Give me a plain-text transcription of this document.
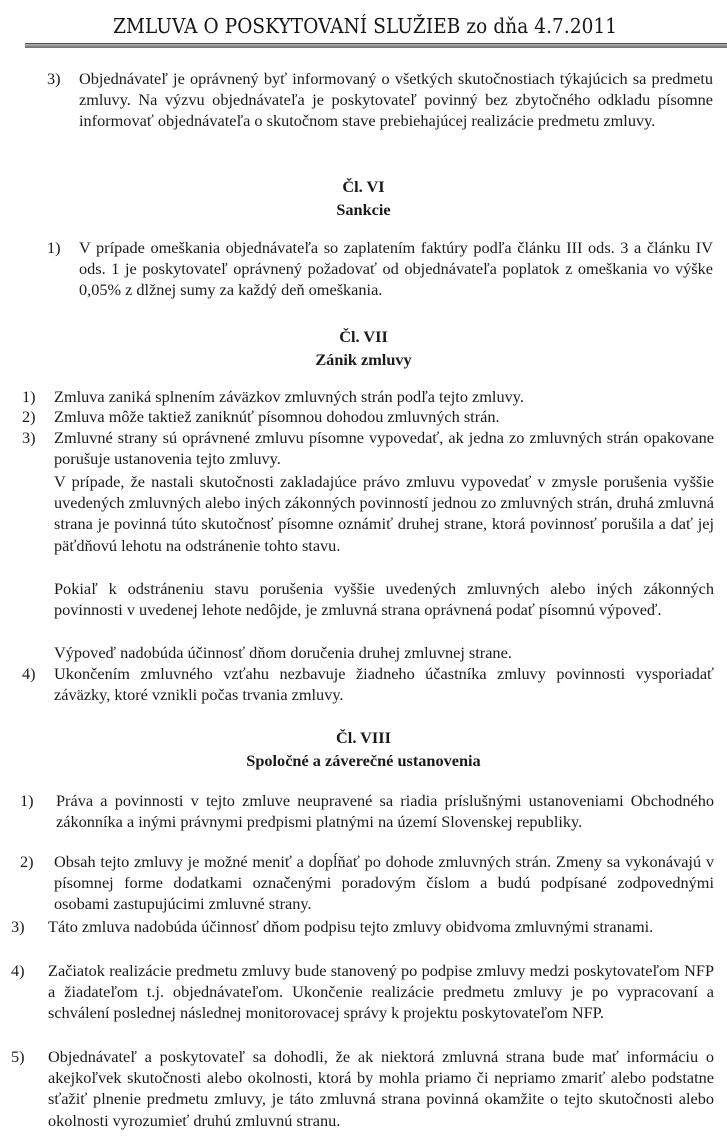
ZMLUVA O POSKYTOVANÍ SLUŽIEB zo dňa 4.7.2011
3) Objednávateľ je oprávnený byť informovaný o všetkých skutočnostiach týkajúcich sa predmetu zmluvy. Na výzvu objednávateľa je poskytovateľ povinný bez zbytočného odkladu písomne informovať objednávateľa o skutočnom stave prebiehajúcej realizácie predmetu zmluvy.
Čl. VI
Sankcie
1) V prípade omeškania objednávateľa so zaplatením faktúry podľa článku III ods. 3 a článku IV ods. 1 je poskytovateľ oprávnený požadovať od objednávateľa poplatok z omeškania vo výške 0,05% z dlžnej sumy za každý deň omeškania.
Čl. VII
Zánik zmluvy
1) Zmluva zaniká splnením záväzkov zmluvných strán podľa tejto zmluvy.
2) Zmluva môže taktiež zaniknúť písomnou dohodou zmluvných strán.
3) Zmluvné strany sú oprávnené zmluvu písomne vypovedať, ak jedna zo zmluvných strán opakovane porušuje ustanovenia tejto zmluvy.
V prípade, že nastali skutočnosti zakladajúce právo zmluvu vypovedať v zmysle porušenia vyššie uvedených zmluvných alebo iných zákonných povinností jednou zo zmluvných strán, druhá zmluvná strana je povinná túto skutočnosť písomne oznámiť druhej strane, ktorá povinnosť porušila a dať jej päťdňovú lehotu na odstránenie tohto stavu.
Pokiaľ k odstráneniu stavu porušenia vyššie uvedených zmluvných alebo iných zákonných povinnosti v uvedenej lehote nedôjde, je zmluvná strana oprávnená podať písomnú výpoveď.
Výpoveď nadobúda účinnosť dňom doručenia druhej zmluvnej strane.
4) Ukončením zmluvného vzťahu nezbavuje žiadneho účastníka zmluvy povinnosti vysporiadať záväzky, ktoré vznikli počas trvania zmluvy.
Čl. VIII
Spoločné a záverečné ustanovenia
1) Práva a povinnosti v tejto zmluve neupravené sa riadia príslušnými ustanoveniami Obchodného zákonníka a inými právnymi predpismi platnými na území Slovenskej republiky.
2) Obsah tejto zmluvy je možné meniť a dopĺňať po dohode zmluvných strán. Zmeny sa vykonávajú v písomnej forme dodatkami označenými poradovým číslom a budú podpísané zodpovednými osobami zastupujúcimi zmluvné strany.
3) Táto zmluva nadobúda účinnosť dňom podpisu tejto zmluvy obidvoma zmluvnými stranami.
4) Začiatok realizácie predmetu zmluvy bude stanovený po podpise zmluvy medzi poskytovateľom NFP a žiadateľom t.j. objednávateľom. Ukončenie realizácie predmetu zmluvy je po vypracovaní a schválení poslednej následnej monitorovacej správy k projektu poskytovateľom NFP.
5) Objednávateľ a poskytovateľ sa dohodli, že ak niektorá zmluvná strana bude mať informáciu o akejkoľvek skutočnosti alebo okolnosti, ktorá by mohla priamo či nepriamo zmariť alebo podstatne sťažiť plnenie predmetu zmluvy, je táto zmluvná strana povinná okamžite o tejto skutočnosti alebo okolnosti vyrozumieť druhú zmluvnú stranu.
